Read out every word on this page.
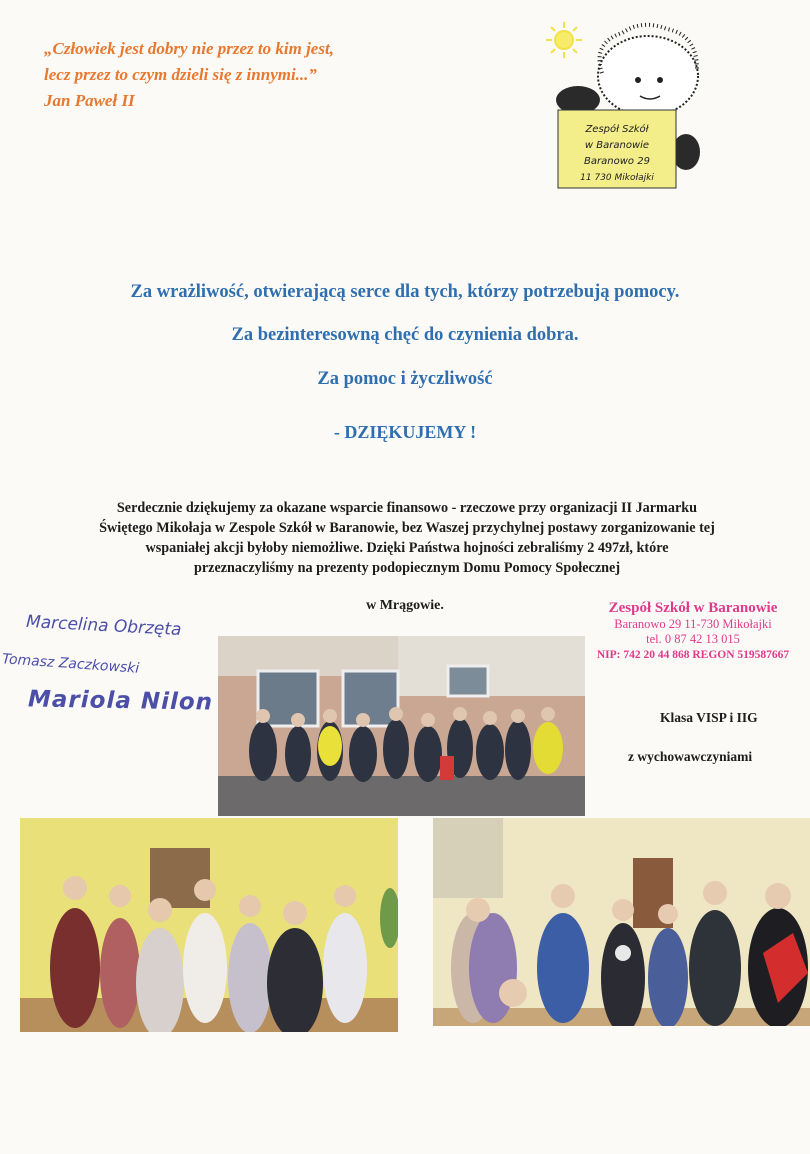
„Człowiek jest dobry nie przez to kim jest,
lecz przez to czym dzieli się z innymi...”
Jan Paweł II
Zespół Szkół
w Baranowie
Baranowo 29
11 730 Mikołajki
Za wrażliwość, otwierającą serce dla tych, którzy potrzebują pomocy.
Za bezinteresowną chęć do czynienia dobra.
Za pomoc i życzliwość
- DZIĘKUJEMY !
Serdecznie dziękujemy za okazane wsparcie finansowo - rzeczowe przy organizacji II Jarmarku
Świętego Mikołaja w Zespole Szkół w Baranowie, bez Waszej przychylnej postawy zorganizowanie tej
wspaniałej akcji byłoby niemożliwe. Dzięki Państwa hojności zebraliśmy 2 497zł, które
przeznaczyliśmy na prezenty podopiecznym Domu Pomocy Społecznej
w Mrągowie.	Zespół Szkół w Baranowie
Baranowo 29 11-730 Mikołajki
tel. 0 87 42 13 015
NIP: 742 20 44 868 REGON 519587667
Marcelina Obrzęta
Tomasz Zaczkowski
Mariola Nilon
Klasa VISP i IIG
z wychowawczyniami
